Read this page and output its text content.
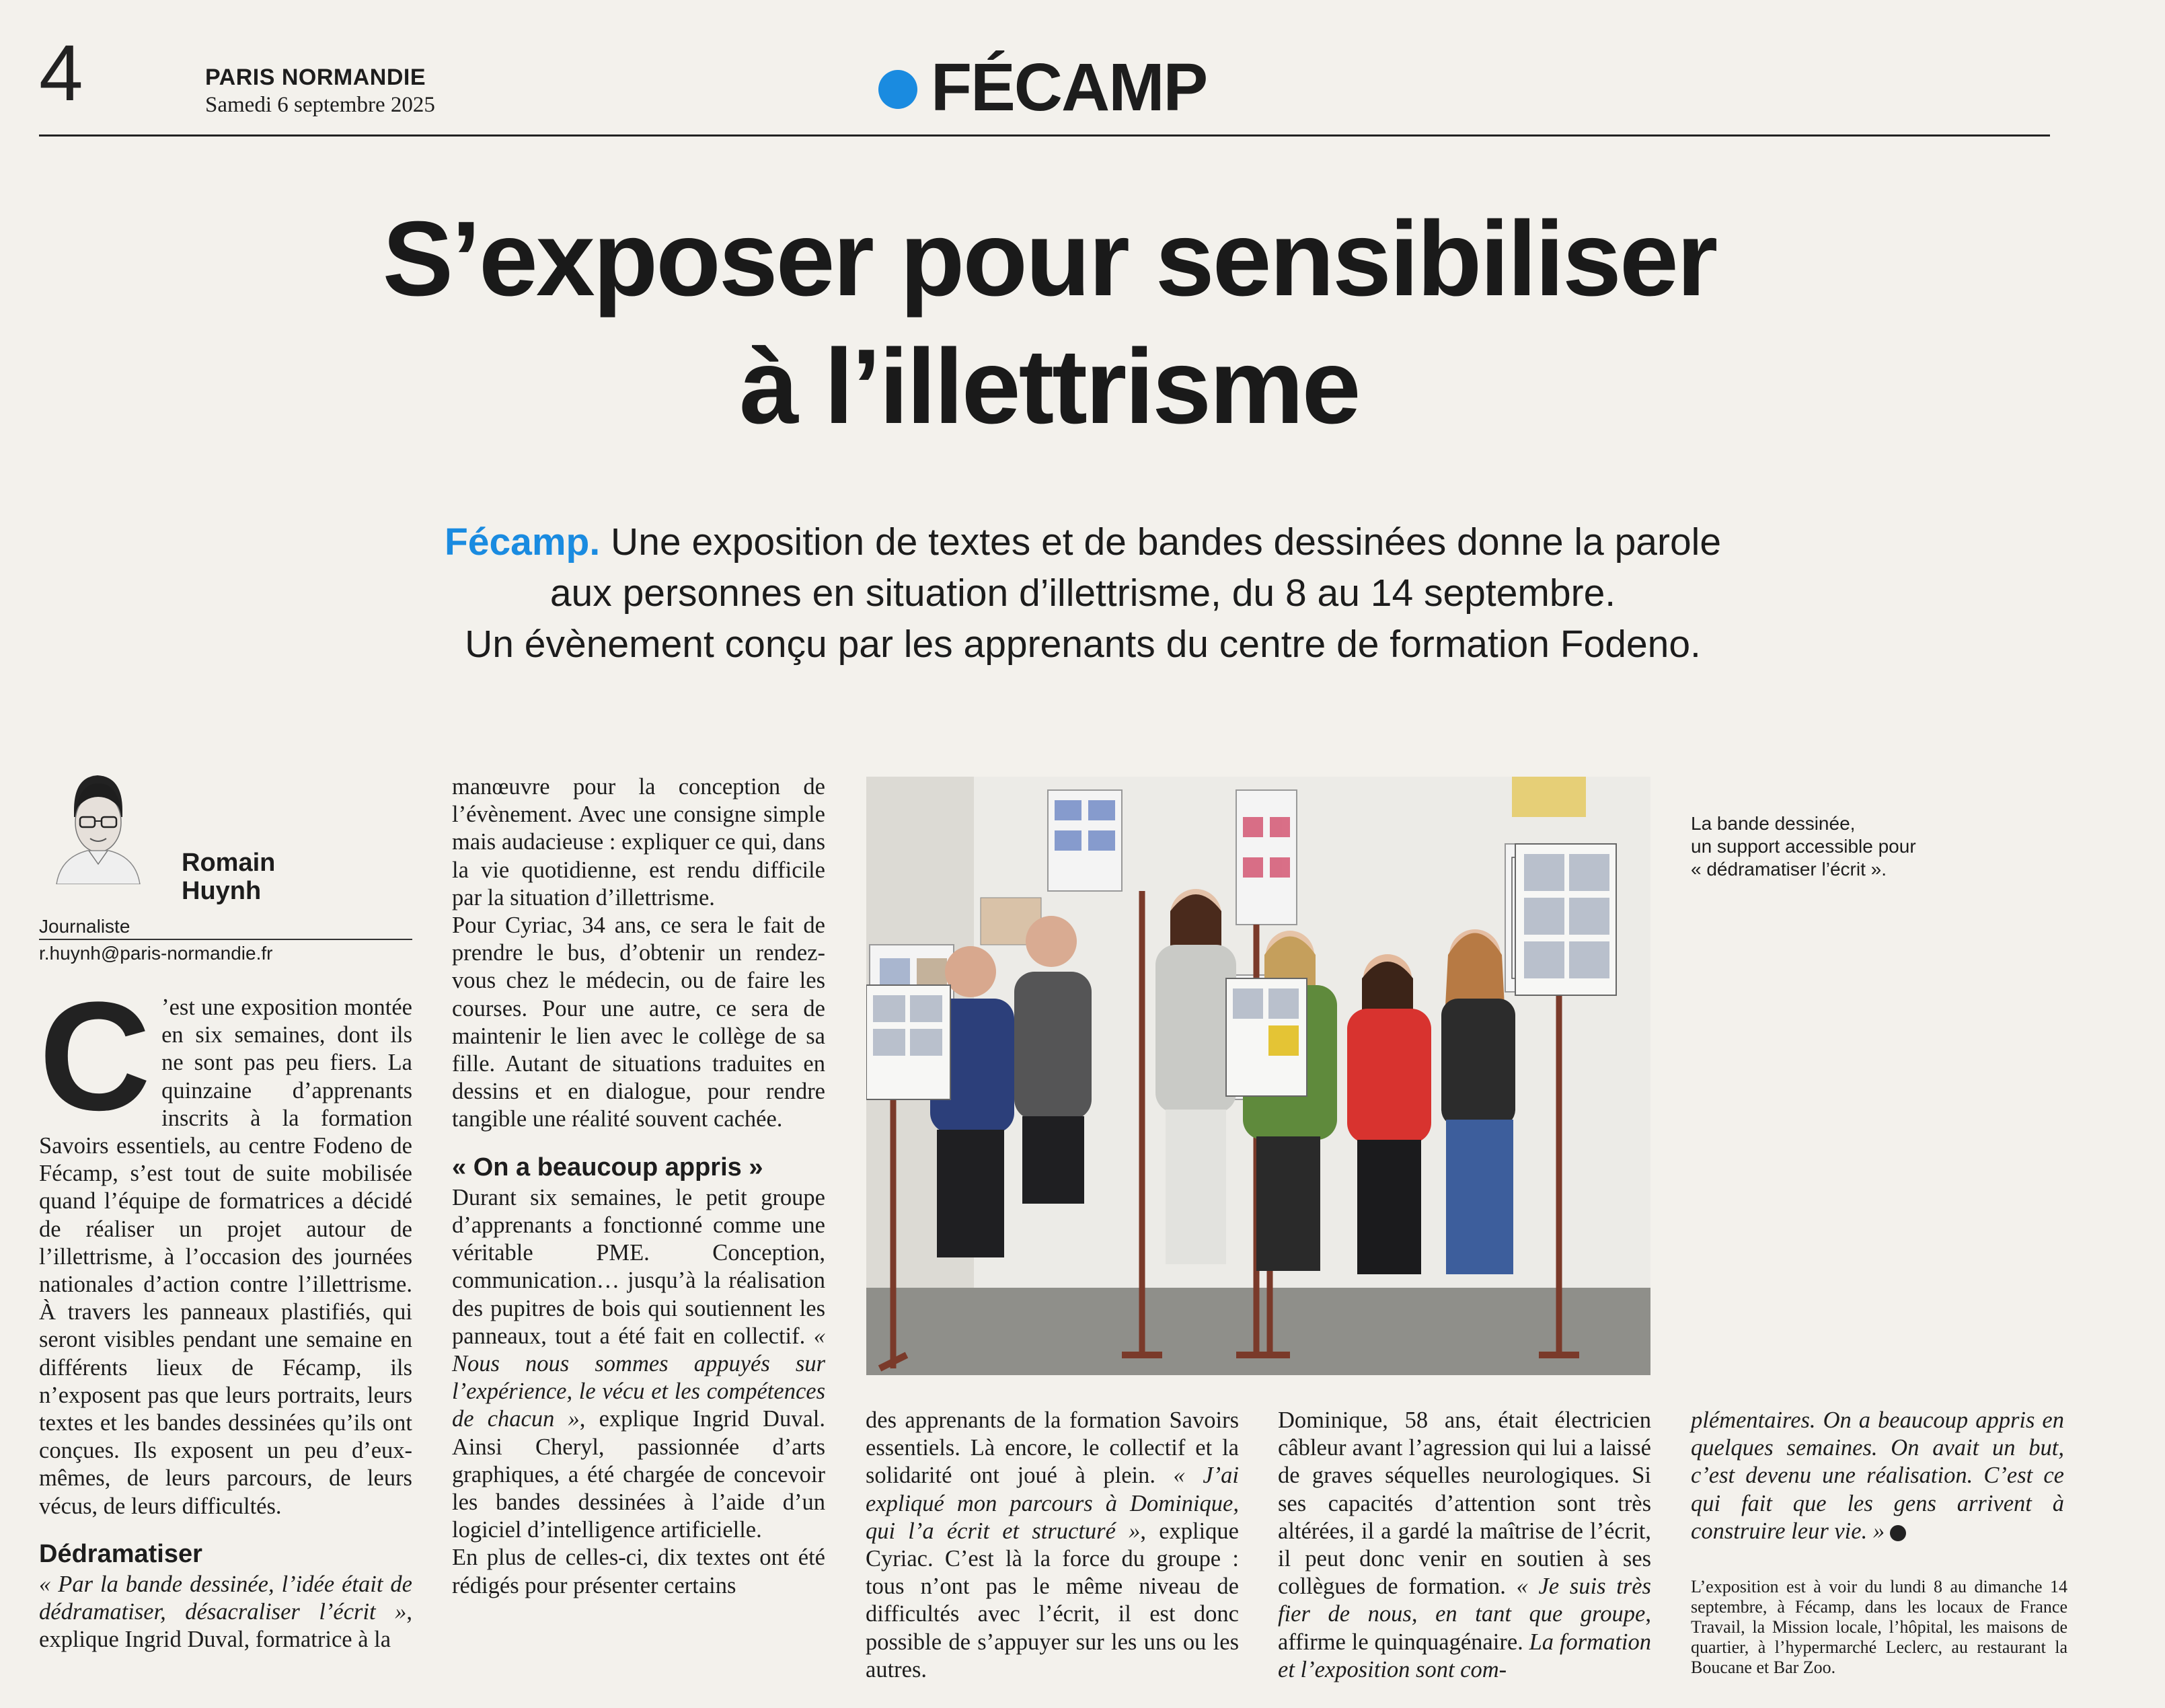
4	PARIS NORMANDIE
Samedi 6 septembre 2025	FÉCAMP
S’exposer pour sensibiliser
à l’illettrisme
Fécamp. Une exposition de textes et de bandes dessinées donne la parole
aux personnes en situation d’illettrisme, du 8 au 14 septembre.
Un évènement conçu par les apprenants du centre de formation Fodeno.
Romain
Huynh
Journaliste
r.huynh@paris-normandie.fr

C ’est une exposition montée en six semaines, dont ils ne sont pas peu fiers. La quinzaine d’apprenants inscrits à la formation Savoirs essentiels, au centre Fodeno de Fécamp, s’est tout de suite mobilisée quand l’équipe de formatrices a décidé de réaliser un projet autour de l’illettrisme, à l’occasion des journées nationales d’action contre l’illettrisme. À travers les panneaux plastifiés, qui seront visibles pendant une semaine en différents lieux de Fécamp, ils n’exposent pas que leurs portraits, leurs textes et les bandes dessinées qu’ils ont conçues. Ils exposent un peu d’eux-mêmes, de leurs parcours, de leurs vécus, de leurs difficultés.

Dédramatiser

« Par la bande dessinée, l’idée était de dédramatiser, désacraliser l’écrit », explique Ingrid Duval, formatrice à la

manœuvre pour la conception de l’évènement. Avec une consigne simple mais audacieuse : expliquer ce qui, dans la vie quotidienne, est rendu difficile par la situation d’illettrisme.

Pour Cyriac, 34 ans, ce sera le fait de prendre le bus, d’obtenir un rendez-vous chez le médecin, ou de faire les courses. Pour une autre, ce sera de maintenir le lien avec le collège de sa fille. Autant de situations traduites en dessins et en dialogue, pour rendre tangible une réalité souvent cachée.

« On a beaucoup appris »

Durant six semaines, le petit groupe d’apprenants a fonctionné comme une véritable PME. Conception, communication… jusqu’à la réalisation des pupitres de bois qui soutiennent les panneaux, tout a été fait en collectif. « Nous nous sommes appuyés sur l’expérience, le vécu et les compétences de chacun », explique Ingrid Duval. Ainsi Cheryl, passionnée d’arts graphiques, a été chargée de concevoir les bandes dessinées à l’aide d’un logiciel d’intelligence artificielle.

En plus de celles-ci, dix textes ont été rédigés pour présenter certains

La bande dessinée,
un support accessible pour
« dédramatiser l’écrit ».

des apprenants de la formation Savoirs essentiels. Là encore, le collectif et la solidarité ont joué à plein. « J’ai expliqué mon parcours à Dominique, qui l’a écrit et structuré », explique Cyriac. C’est là la force du groupe : tous n’ont pas le même niveau de difficultés avec l’écrit, il est donc possible de s’appuyer sur les uns ou les autres.

Dominique, 58 ans, était électricien câbleur avant l’agression qui lui a laissé de graves séquelles neurologiques. Si ses capacités d’attention sont très altérées, il a gardé la maîtrise de l’écrit, il peut donc venir en soutien à ses collègues de formation. « Je suis très fier de nous, en tant que groupe, affirme le quinquagénaire. La formation et l’exposition sont com-

plémentaires. On a beaucoup appris en quelques semaines. On avait un but, c’est devenu une réalisation. C’est ce qui fait que les gens arrivent à construire leur vie. »

L’exposition est à voir du lundi 8 au dimanche 14 septembre, à Fécamp, dans les locaux de France Travail, la Mission locale, l’hôpital, les maisons de quartier, à l’hypermarché Leclerc, au restaurant la Boucane et Bar Zoo.
